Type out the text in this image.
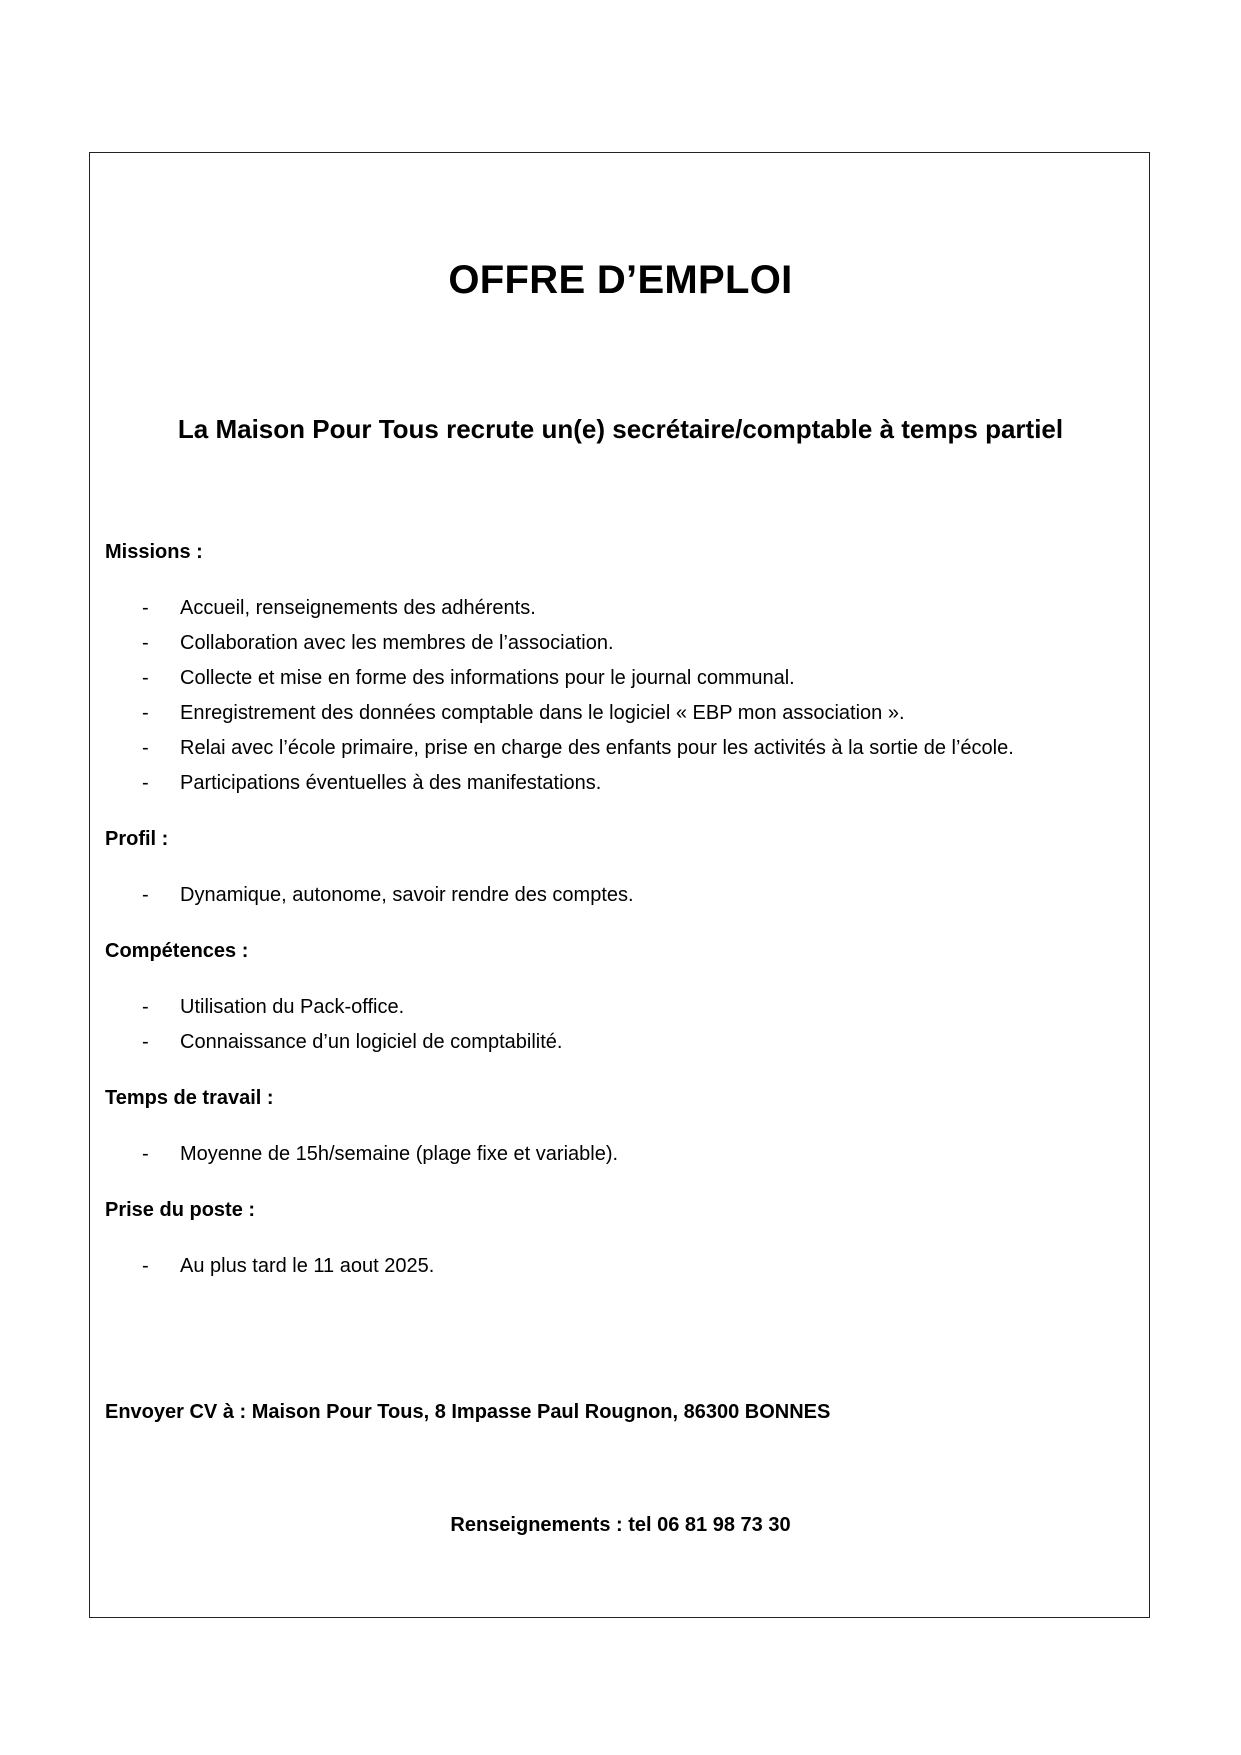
OFFRE D’EMPLOI
La Maison Pour Tous recrute un(e) secrétaire/comptable à temps partiel
Missions :
- Accueil, renseignements des adhérents.
- Collaboration avec les membres de l’association.
- Collecte et mise en forme des informations pour le journal communal.
- Enregistrement des données comptable dans le logiciel « EBP mon association ».
- Relai avec l’école primaire, prise en charge des enfants pour les activités à la sortie de l’école.
- Participations éventuelles à des manifestations.
Profil :
- Dynamique, autonome, savoir rendre des comptes.
Compétences :
- Utilisation du Pack-office.
- Connaissance d’un logiciel de comptabilité.
Temps de travail :
- Moyenne de 15h/semaine (plage fixe et variable).
Prise du poste :
- Au plus tard le 11 aout 2025.
Envoyer CV à : Maison Pour Tous, 8 Impasse Paul Rougnon, 86300 BONNES
Renseignements : tel 06 81 98 73 30
